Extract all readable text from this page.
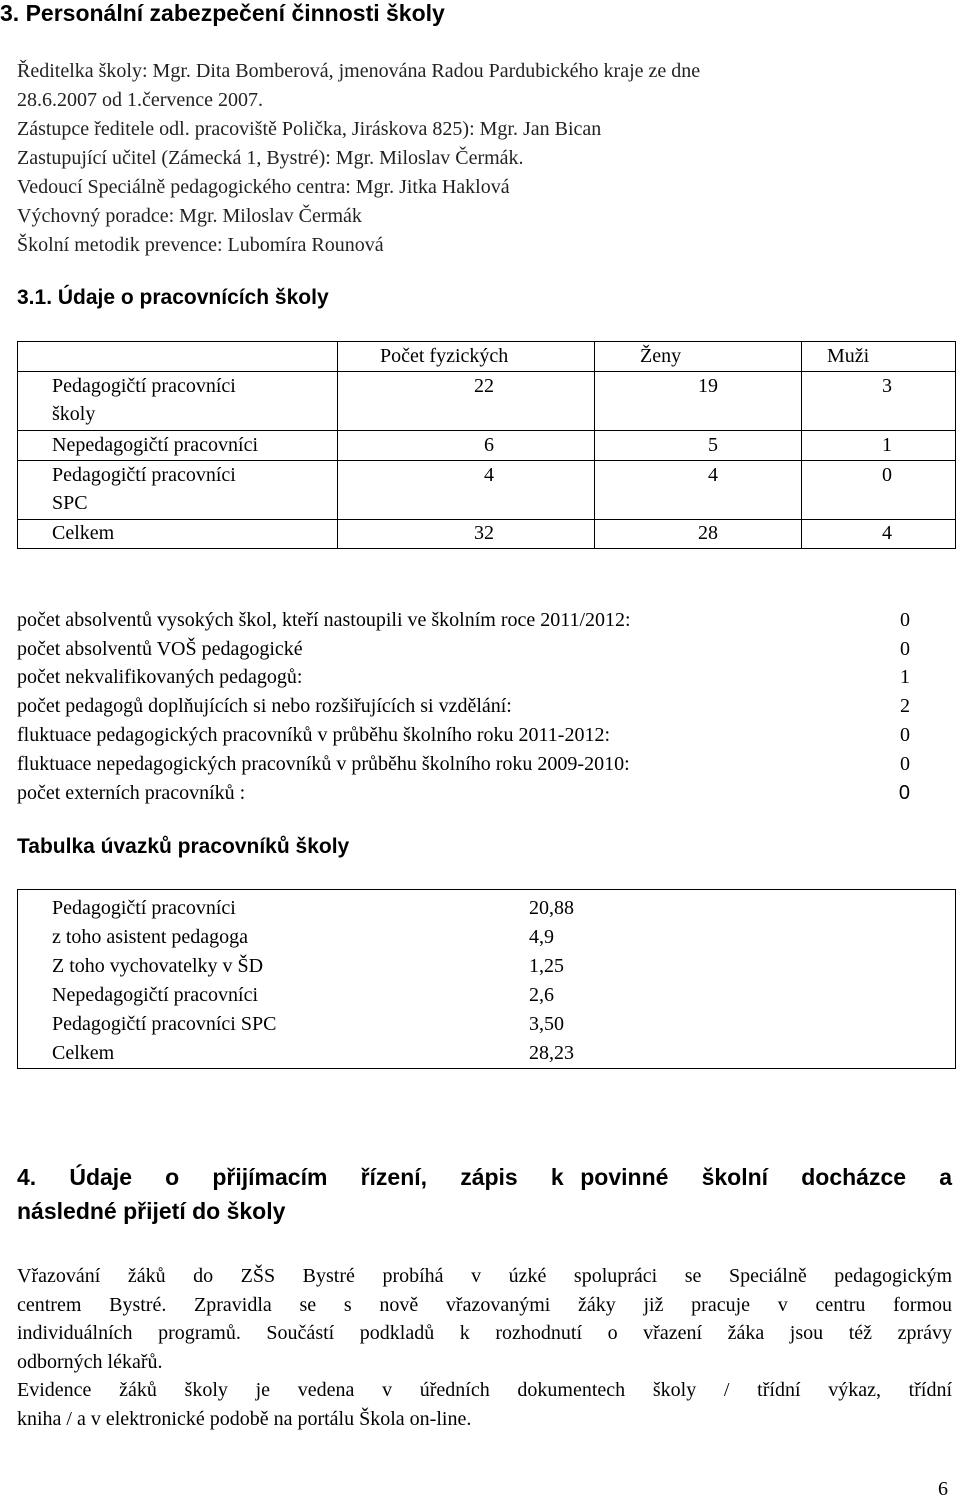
3. Personální zabezpečení činnosti školy
Ředitelka školy: Mgr. Dita Bomberová, jmenována Radou Pardubického kraje ze dne
28.6.2007 od 1.července 2007.
Zástupce ředitele odl. pracoviště Polička, Jiráskova 825): Mgr. Jan Bican
Zastupující učitel (Zámecká 1, Bystré): Mgr. Miloslav Čermák.
Vedoucí Speciálně pedagogického centra: Mgr. Jitka Haklová
Výchovný poradce: Mgr. Miloslav Čermák
Školní metodik prevence: Lubomíra Rounová
3.1. Údaje o pracovnících školy
Počet fyzických	Ženy	Muži
Pedagogičtí pracovníci
školy
22	19	3
Nepedagogičtí pracovníci	6	5	1
Pedagogičtí pracovníci
SPC
4	4	0
Celkem	32	28	4
počet absolventů vysokých škol, kteří nastoupili ve školním roce 2011/2012:	0
počet absolventů VOŠ pedagogické	0
počet nekvalifikovaných pedagogů:	1
počet pedagogů doplňujících si nebo rozšiřujících si vzdělání:	2
fluktuace pedagogických pracovníků v průběhu školního roku 2011-2012:	0
fluktuace nepedagogických pracovníků v průběhu školního roku 2009-2010:	0
počet externích pracovníků :	0
Tabulka úvazků pracovníků školy
Pedagogičtí pracovníci	20,88
z toho asistent pedagoga	4,9
Z toho vychovatelky v ŠD	1,25
Nepedagogičtí pracovníci	2,6
Pedagogičtí pracovníci SPC	3,50
Celkem	28,23
4.  Údaje  o  přijímacím  řízení,  zápis  k povinné  školní  docházce  a
následné přijetí do školy
Vřazování žáků do ZŠS Bystré probíhá v úzké spolupráci se Speciálně pedagogickým
centrem Bystré. Zpravidla se s nově vřazovanými žáky již pracuje v centru formou
individuálních programů. Součástí podkladů k rozhodnutí o vřazení žáka jsou též zprávy
odborných lékařů.
Evidence žáků školy je vedena v úředních dokumentech školy / třídní výkaz, třídní
kniha / a v elektronické podobě na portálu Škola on-line.
6
